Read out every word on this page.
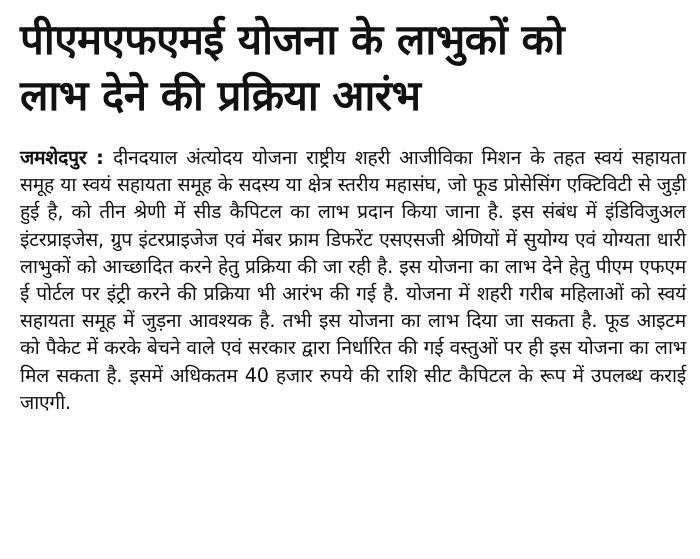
पीएमएफएमई योजना के लाभुकों को
लाभ देने की प्रक्रिया आरंभ

जमशेदपुर : दीनदयाल अंत्योदय योजना राष्ट्रीय शहरी आजीविका मिशन के तहत स्वयं सहायता समूह या स्वयं सहायता समूह के सदस्य या क्षेत्र स्तरीय महासंघ, जो फूड प्रोसेसिंग एक्टिविटी से जुड़ी हुई है, को तीन श्रेणी में सीड कैपिटल का लाभ प्रदान किया जाना है. इस संबंध में इंडिविजुअल इंटरप्राइजेस, ग्रुप इंटरप्राइजेज एवं मेंबर फ्राम डिफरेंट एसएसजी श्रेणियों में सुयोग्य एवं योग्यता धारी लाभुकों को आच्छादित करने हेतु प्रक्रिया की जा रही है. इस योजना का लाभ देने हेतु पीएम एफएम ई पोर्टल पर इंट्री करने की प्रक्रिया भी आरंभ की गई है. योजना में शहरी गरीब महिलाओं को स्वयं सहायता समूह में जुड़ना आवश्यक है. तभी इस योजना का लाभ दिया जा सकता है. फूड आइटम को पैकेट में करके बेचने वाले एवं सरकार द्वारा निर्धारित की गई वस्तुओं पर ही इस योजना का लाभ मिल सकता है. इसमें अधिकतम 40 हजार रुपये की राशि सीट कैपिटल के रूप में उपलब्ध कराई जाएगी.
